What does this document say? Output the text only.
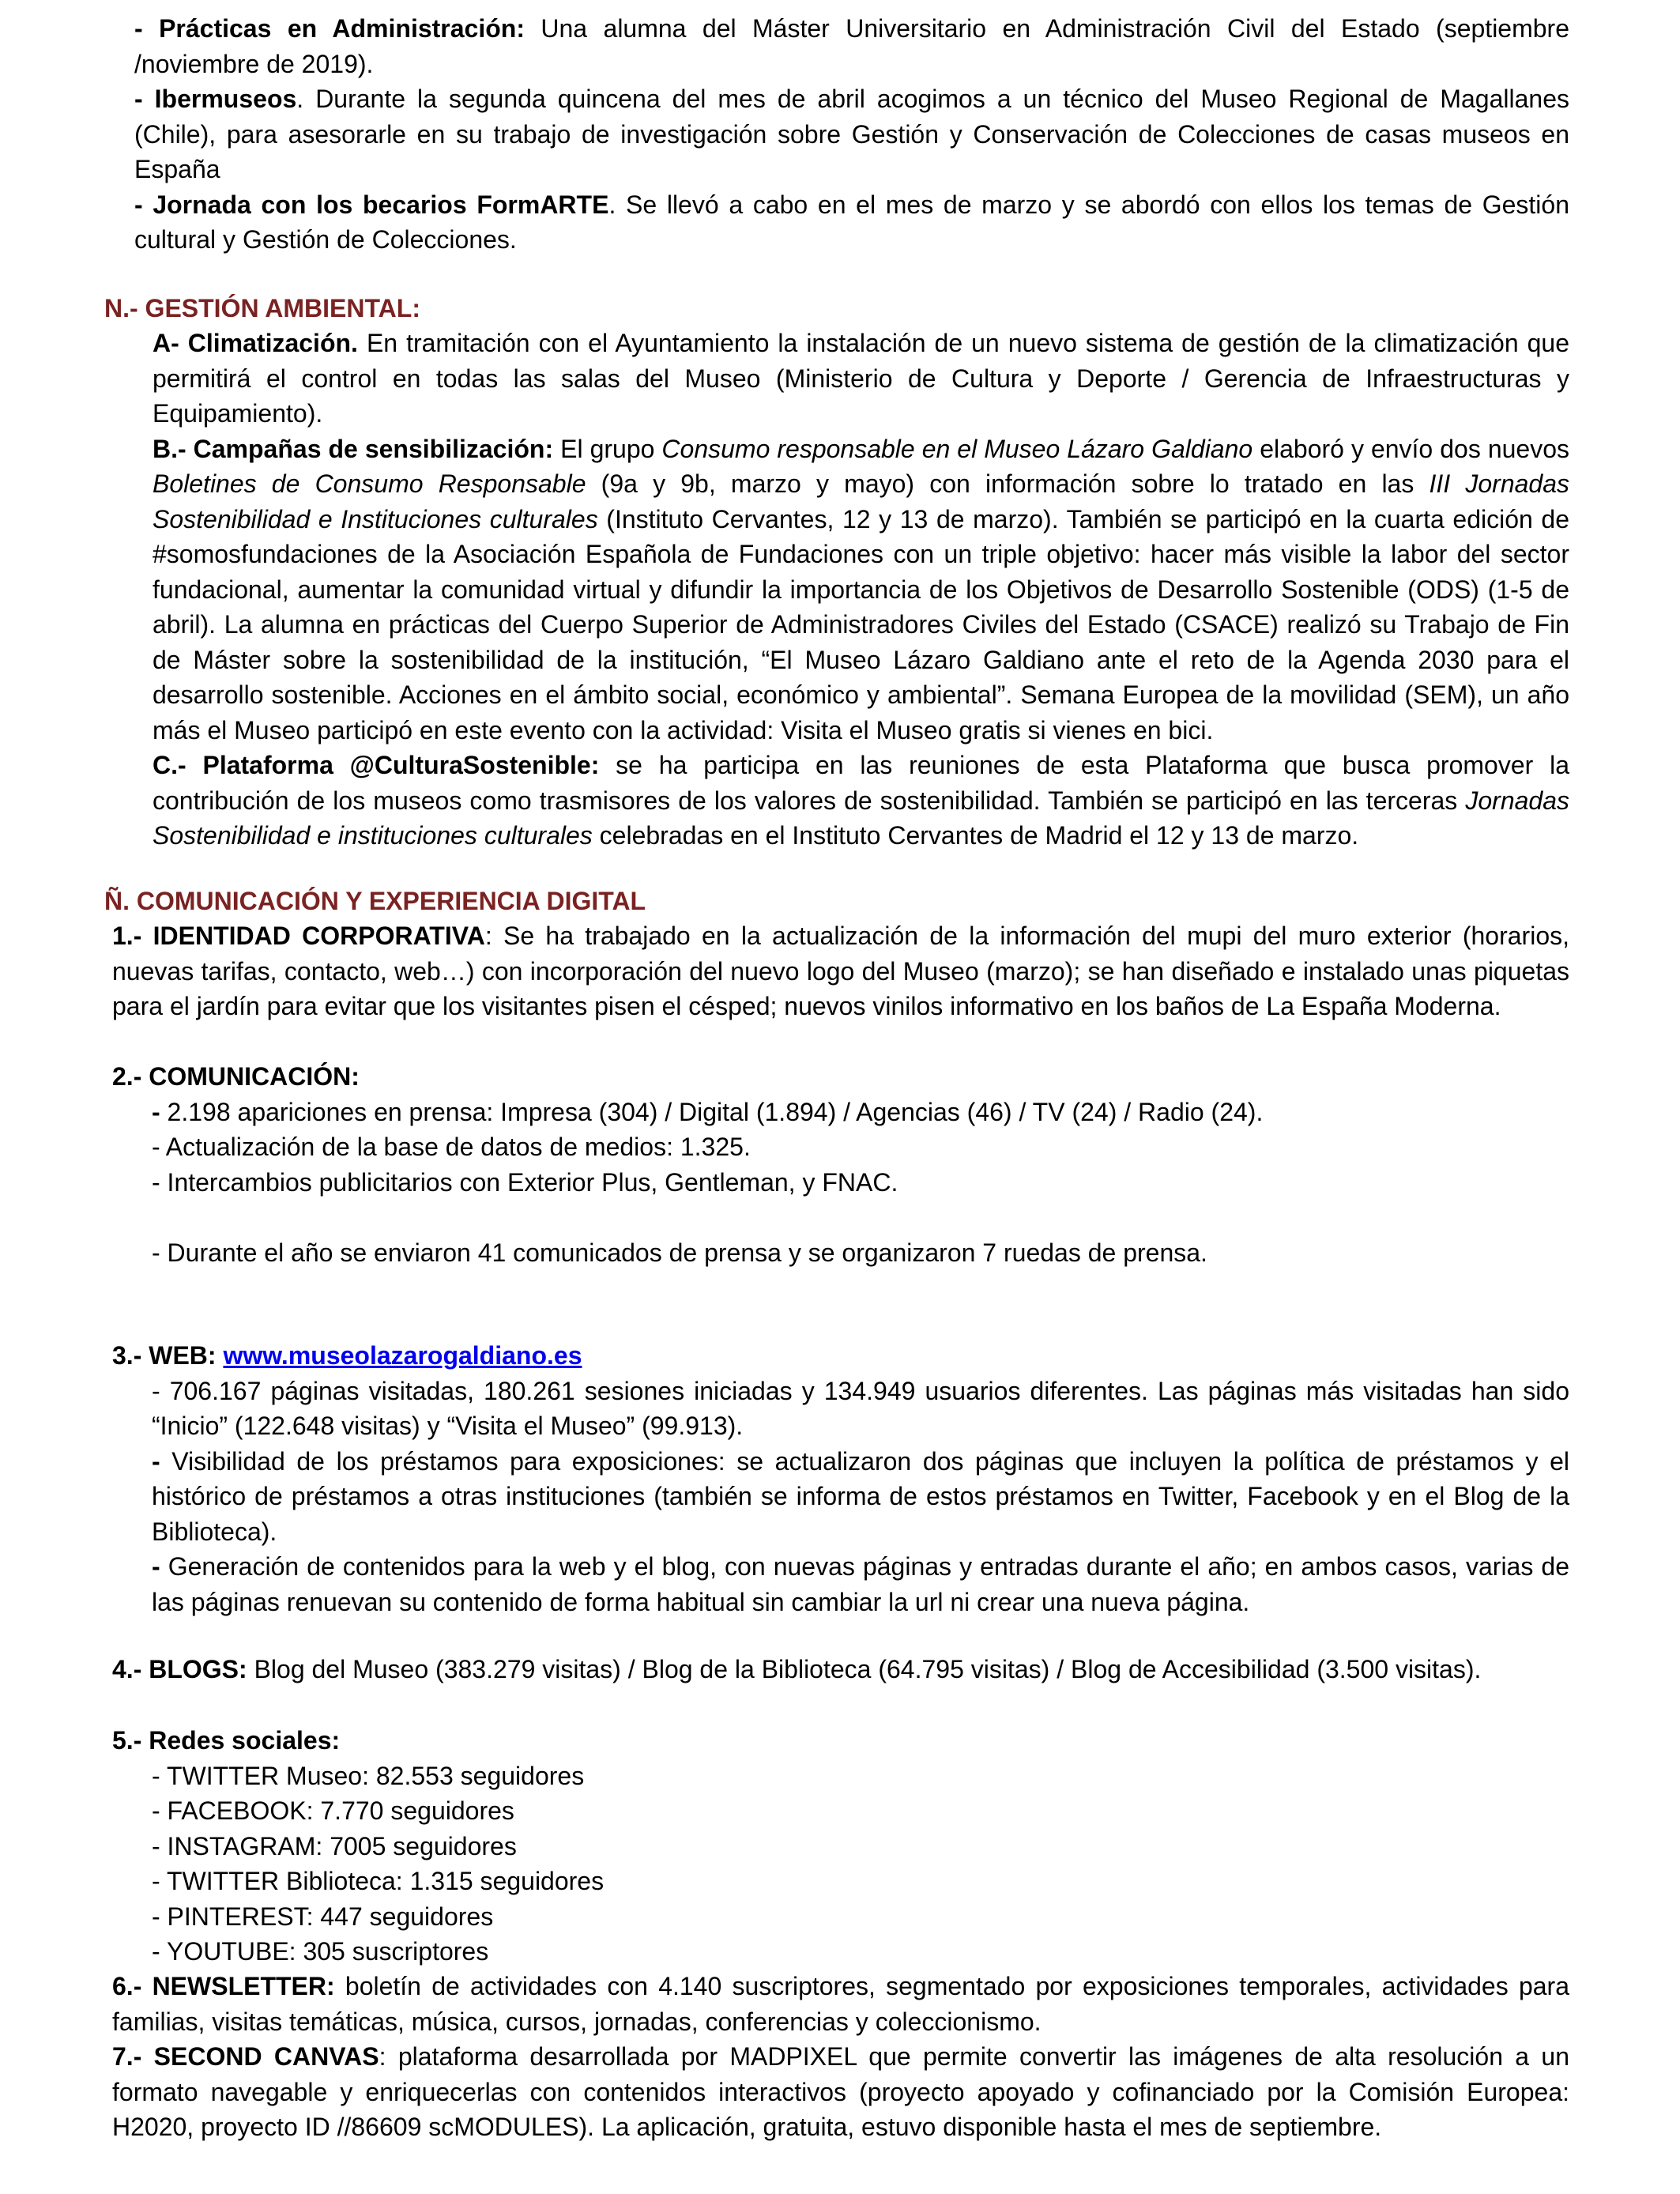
- Prácticas en Administración: Una alumna del Máster Universitario en Administración Civil del Estado (septiembre /noviembre de 2019).

- Ibermuseos. Durante la segunda quincena del mes de abril acogimos a un técnico del Museo Regional de Magallanes (Chile), para asesorarle en su trabajo de investigación sobre Gestión y Conservación de Colecciones de casas museos en España

- Jornada con los becarios FormARTE. Se llevó a cabo en el mes de marzo y se abordó con ellos los temas de Gestión cultural y Gestión de Colecciones.

N.- GESTIÓN AMBIENTAL:

A- Climatización. En tramitación con el Ayuntamiento la instalación de un nuevo sistema de gestión de la climatización que permitirá el control en todas las salas del Museo (Ministerio de Cultura y Deporte / Gerencia de Infraestructuras y Equipamiento).

B.- Campañas de sensibilización: El grupo Consumo responsable en el Museo Lázaro Galdiano elaboró y envío dos nuevos Boletines de Consumo Responsable (9a y 9b, marzo y mayo) con información sobre lo tratado en las III Jornadas Sostenibilidad e Instituciones culturales (Instituto Cervantes, 12 y 13 de marzo). También se participó en la cuarta edición de #somosfundaciones de la Asociación Española de Fundaciones con un triple objetivo: hacer más visible la labor del sector fundacional, aumentar la comunidad virtual y difundir la importancia de los Objetivos de Desarrollo Sostenible (ODS) (1-5 de abril). La alumna en prácticas del Cuerpo Superior de Administradores Civiles del Estado (CSACE) realizó su Trabajo de Fin de Máster sobre la sostenibilidad de la institución, “El Museo Lázaro Galdiano ante el reto de la Agenda 2030 para el desarrollo sostenible. Acciones en el ámbito social, económico y ambiental”. Semana Europea de la movilidad (SEM), un año más el Museo participó en este evento con la actividad: Visita el Museo gratis si vienes en bici.

C.- Plataforma @CulturaSostenible: se ha participa en las reuniones de esta Plataforma que busca promover la contribución de los museos como trasmisores de los valores de sostenibilidad. También se participó en las terceras Jornadas Sostenibilidad e instituciones culturales celebradas en el Instituto Cervantes de Madrid el 12 y 13 de marzo.

Ñ. COMUNICACIÓN Y EXPERIENCIA DIGITAL

1.- IDENTIDAD CORPORATIVA: Se ha trabajado en la actualización de la información del mupi del muro exterior (horarios, nuevas tarifas, contacto, web…) con incorporación del nuevo logo del Museo (marzo); se han diseñado e instalado unas piquetas para el jardín para evitar que los visitantes pisen el césped; nuevos vinilos informativo en los baños de La España Moderna.

2.- COMUNICACIÓN:

- 2.198 apariciones en prensa: Impresa (304) / Digital (1.894) / Agencias (46) / TV (24) / Radio (24).

- Actualización de la base de datos de medios: 1.325.

- Intercambios publicitarios con Exterior Plus, Gentleman, y FNAC.

- Durante el año se enviaron 41 comunicados de prensa y se organizaron 7 ruedas de prensa.

3.- WEB: www.museolazarogaldiano.es

- 706.167 páginas visitadas, 180.261 sesiones iniciadas y 134.949 usuarios diferentes. Las páginas más visitadas han sido “Inicio” (122.648 visitas) y “Visita el Museo” (99.913).

- Visibilidad de los préstamos para exposiciones: se actualizaron dos páginas que incluyen la política de préstamos y el histórico de préstamos a otras instituciones (también se informa de estos préstamos en Twitter, Facebook y en el Blog de la Biblioteca).

- Generación de contenidos para la web y el blog, con nuevas páginas y entradas durante el año; en ambos casos, varias de las páginas renuevan su contenido de forma habitual sin cambiar la url ni crear una nueva página.

4.- BLOGS: Blog del Museo (383.279 visitas) / Blog de la Biblioteca (64.795 visitas) / Blog de Accesibilidad (3.500 visitas).

5.- Redes sociales:

- TWITTER Museo: 82.553 seguidores

- FACEBOOK: 7.770 seguidores

- INSTAGRAM: 7005 seguidores

- TWITTER Biblioteca: 1.315 seguidores

- PINTEREST: 447 seguidores

- YOUTUBE: 305 suscriptores

6.- NEWSLETTER: boletín de actividades con 4.140 suscriptores, segmentado por exposiciones temporales, actividades para familias, visitas temáticas, música, cursos, jornadas, conferencias y coleccionismo.

7.- SECOND CANVAS: plataforma desarrollada por MADPIXEL que permite convertir las imágenes de alta resolución a un formato navegable y enriquecerlas con contenidos interactivos (proyecto apoyado y cofinanciado por la Comisión Europea: H2020, proyecto ID //86609 scMODULES). La aplicación, gratuita, estuvo disponible hasta el mes de septiembre.
